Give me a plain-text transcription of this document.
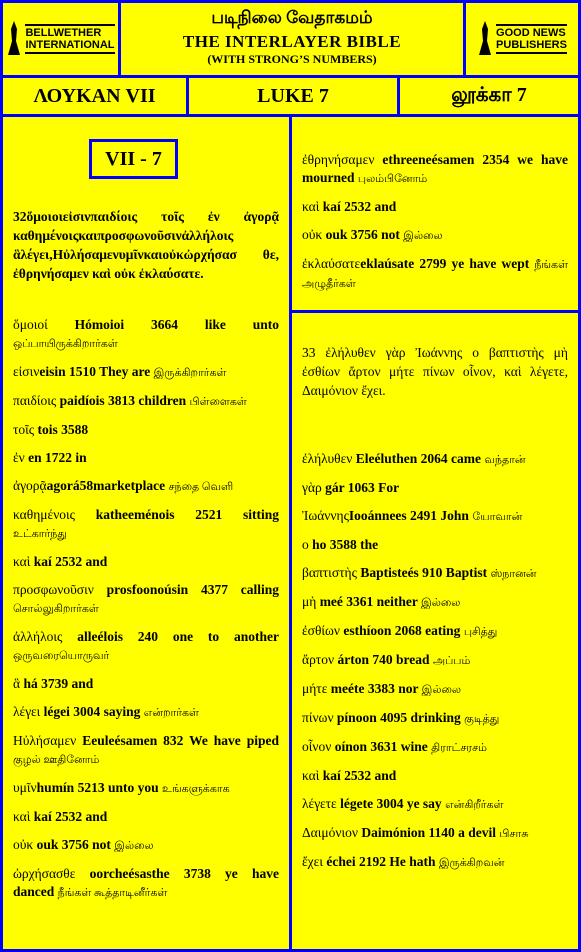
BELLWETHER
INTERNATIONAL
படிநிலை வேதாகமம்
THE INTERLAYER BIBLE
(WITH STRONG’S NUMBERS)
GOOD NEWS
PUBLISHERS
ΛΟΥΚΑΝ VII	LUKE 7	லூக்கா 7
VII - 7
32ὅμοιοιεἰσινπαιδίοις τοῖς ἐν ἀγορᾷ καθημένοιςκαιπροσφωνοῦσινἀλλήλοις ἃλέγει,Ηὐλήσαμενυμῖνκαιοὐκὠρχήσασ θε, ἐθρηνήσαμεν καὶ οὐκ ἐκλαύσατε.
ὅμοιοί Hómoioi 3664 like unto ஒப்பாயிருக்கிறார்கள்
εἰσινeisin 1510 They are இருக்கிறார்கள்
παιδίοις paidíois 3813 children பிள்ளைகள்
τοῖς tois 3588
ἐν en 1722 in
ἀγορᾷagorá58marketplace சந்தை வெளி
καθημένοις katheeménois 2521 sitting உட்கார்ந்து
καὶ kaí 2532 and
προσφωνοῦσιν prosfoonoúsin 4377 calling சொல்லுகிறார்கள்
ἀλλήλοις alleélois 240 one to another ஒருவரையொருவர்
ἃ há 3739 and
λέγει légei 3004 saying என்றார்கள்
Ηὐλήσαμεν Eeuleésamen 832 We have piped குழல் ஊதினோம்
υμῖνhumín 5213 unto you உங்களுக்காக
καὶ kaí 2532 and
οὐκ ouk 3756 not இல்லை
ὠρχήσασθε oorcheésasthe 3738 ye have danced நீங்கள் கூத்தாடினீர்கள்
ἐθρηνήσαμεν ethreeneésamen 2354 we have mourned புலம்பினோம்
καὶ kaí 2532 and
οὐκ ouk 3756 not இல்லை
ἐκλαύσατεeklaúsate 2799 ye have wept நீங்கள் அழுதீர்கள்
33 ἐλήλυθεν γὰρ Ἰωάννης ο βαπτιστὴς μὴ ἐσθίων ἄρτον μήτε πίνων οἶνον, καὶ λέγετε, Δαιμόνιον ἔχει.
ἐλήλυθεν Eleéluthen 2064 came வந்தான்
γὰρ gár 1063 For
ἸωάννηςIooánnees 2491 John யோவான்
ο ho 3588 the
βαπτιστὴς Baptisteés 910 Baptist ஸ்நானன்
μὴ meé 3361 neither இல்லை
ἐσθίων esthíoon 2068 eating புசித்து
ἄρτον árton 740 bread அப்பம்
μήτε meéte 3383 nor இல்லை
πίνων pínoon 4095 drinking குடித்து
οἶνον oínon 3631 wine திராட்சரசம்
καὶ kaí 2532 and
λέγετε légete 3004 ye say என்கிறீர்கள்
Δαιμόνιον Daimónion 1140 a devil பிசாசு
ἔχει échei 2192 He hath இருக்கிறவன்
